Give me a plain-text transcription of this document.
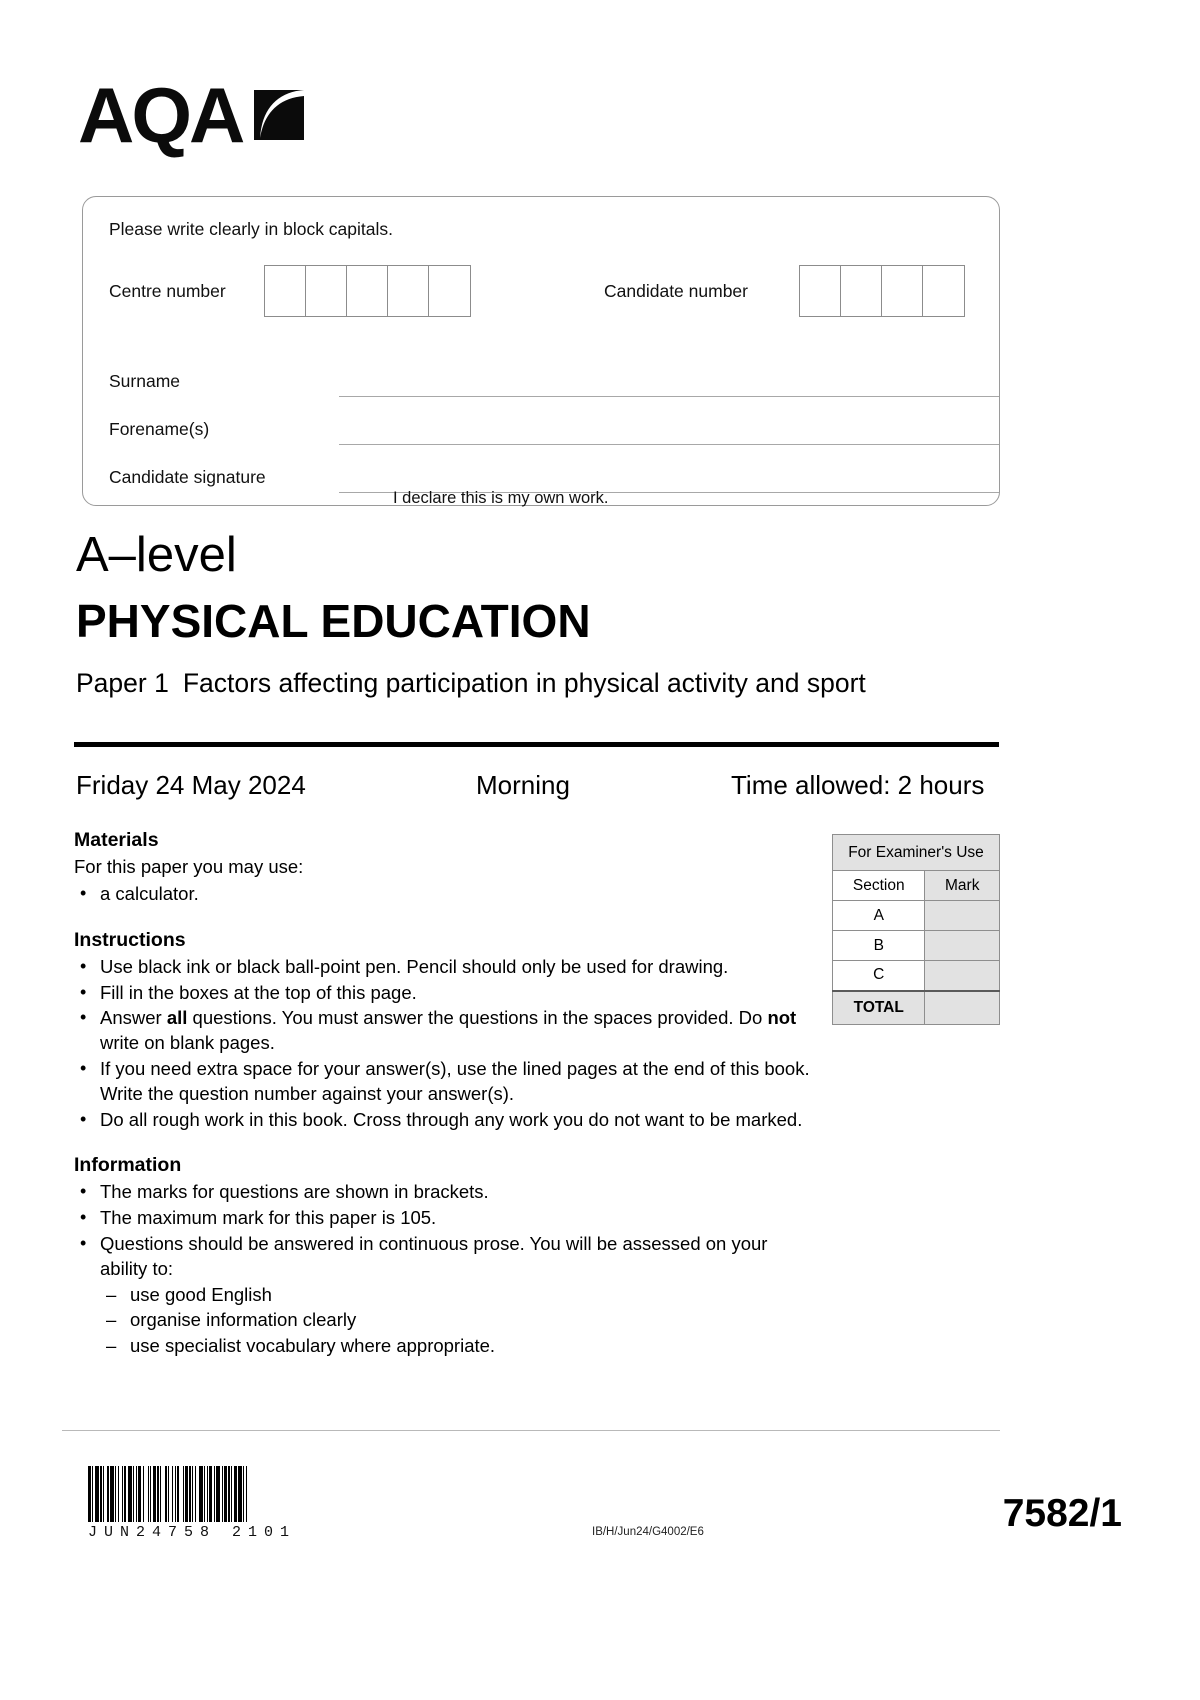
AQA
Please write clearly in block capitals.
Centre number	Candidate number
Surname
Forename(s)
Candidate signature
I declare this is my own work.
A–level
PHYSICAL EDUCATION
Paper 1 Factors affecting participation in physical activity and sport
Friday 24 May 2024	Morning	Time allowed: 2 hours
Materials
For this paper you may use:
• a calculator.
Instructions
• Use black ink or black ball-point pen. Pencil should only be used for drawing.
• Fill in the boxes at the top of this page.
• Answer all questions. You must answer the questions in the spaces provided. Do not write on blank pages.
• If you need extra space for your answer(s), use the lined pages at the end of this book. Write the question number against your answer(s).
• Do all rough work in this book. Cross through any work you do not want to be marked.
Information
• The marks for questions are shown in brackets.
• The maximum mark for this paper is 105.
• Questions should be answered in continuous prose. You will be assessed on your ability to:
– use good English
– organise information clearly
– use specialist vocabulary where appropriate.
For Examiner's Use	
Section	Mark
A	
B	
C	
TOTAL	
JUN24758 2101	IB/H/Jun24/G4002/E6	7582/1
